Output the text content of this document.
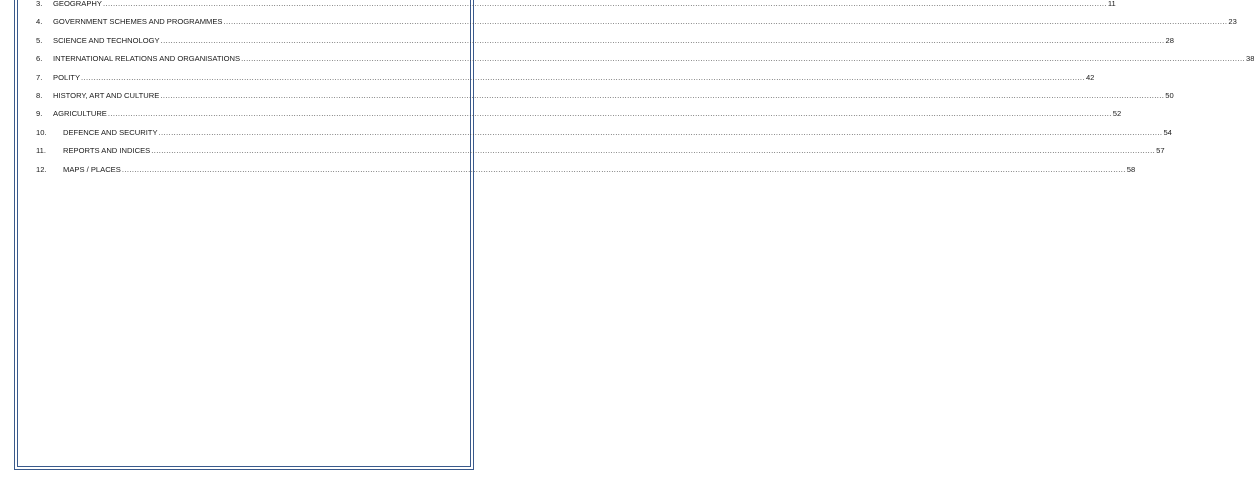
3.	GEOGRAPHY ................................................................................................................................................................................................................................................................................................................................................................................................................ 11
4.	GOVERNMENT SCHEMES AND PROGRAMMES ................................................................................................................................................................................................................................................................................................................................................................................................................ 23
5.	SCIENCE AND TECHNOLOGY ................................................................................................................................................................................................................................................................................................................................................................................................................ 28
6.	INTERNATIONAL RELATIONS AND ORGANISATIONS ................................................................................................................................................................................................................................................................................................................................................................................................................ 38
7.	POLITY ................................................................................................................................................................................................................................................................................................................................................................................................................ 42
8.	HISTORY, ART AND CULTURE ................................................................................................................................................................................................................................................................................................................................................................................................................ 50
9.	AGRICULTURE ................................................................................................................................................................................................................................................................................................................................................................................................................ 52
10.	DEFENCE AND SECURITY ................................................................................................................................................................................................................................................................................................................................................................................................................ 54
11.	REPORTS AND INDICES ................................................................................................................................................................................................................................................................................................................................................................................................................ 57
12.	MAPS / PLACES ................................................................................................................................................................................................................................................................................................................................................................................................................ 58
